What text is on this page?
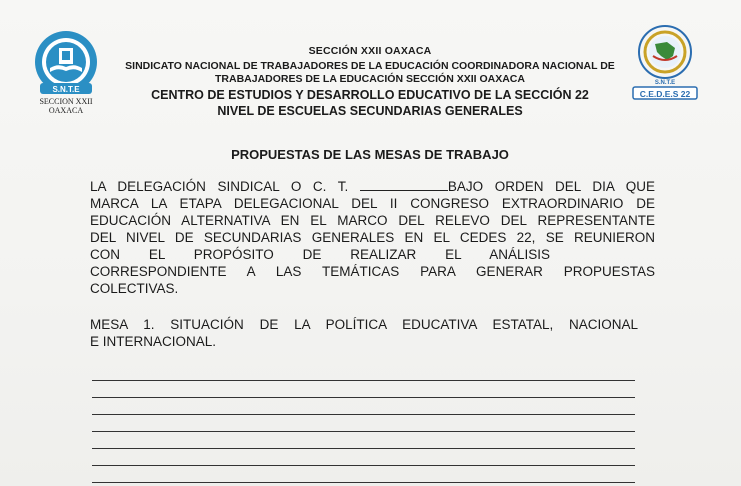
S.N.T.E
SECCION XXII
OAXACA
S.N.T.E
C.E.D.E.S 22
SECCIÓN XXII OAXACA
SINDICATO NACIONAL DE TRABAJADORES DE LA EDUCACIÓN COORDINADORA NACIONAL DE
TRABAJADORES DE LA EDUCACIÓN SECCIÓN XXII OAXACA
CENTRO DE ESTUDIOS Y DESARROLLO EDUCATIVO DE LA SECCIÓN 22
NIVEL DE ESCUELAS SECUNDARIAS GENERALES
PROPUESTAS DE LAS MESAS DE TRABAJO
LA DELEGACIÓN SINDICAL O C. T.	BAJO ORDEN DEL DIA QUE
MARCA LA ETAPA DELEGACIONAL DEL II CONGRESO EXTRAORDINARIO DE
EDUCACIÓN ALTERNATIVA EN EL MARCO DEL RELEVO DEL REPRESENTANTE
DEL NIVEL DE SECUNDARIAS GENERALES EN EL CEDES 22, SE REUNIERON
CON EL PROPÓSITO DE REALIZAR EL ANÁLISIS
CORRESPONDIENTE A LAS TEMÁTICAS PARA GENERAR PROPUESTAS
COLECTIVAS.
MESA 1. SITUACIÓN DE LA POLÍTICA EDUCATIVA ESTATAL, NACIONAL
E INTERNACIONAL.
